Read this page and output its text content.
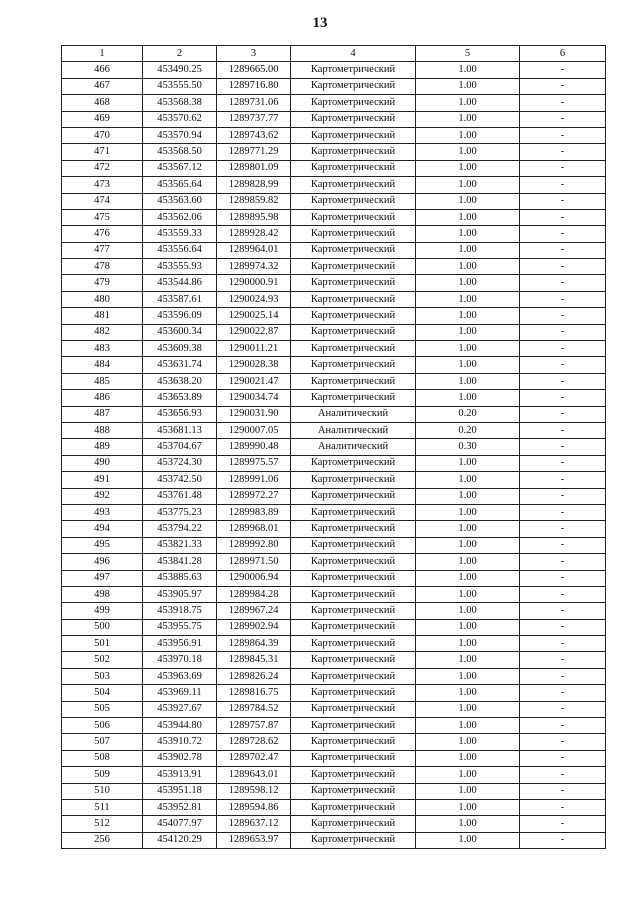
13
1	2	3	4	5	6
466	453490.25	1289665.00	Картометрический	1.00	-
467	453555.50	1289716.80	Картометрический	1.00	-
468	453568.38	1289731.06	Картометрический	1.00	-
469	453570.62	1289737.77	Картометрический	1.00	-
470	453570.94	1289743.62	Картометрический	1.00	-
471	453568.50	1289771.29	Картометрический	1.00	-
472	453567.12	1289801.09	Картометрический	1.00	-
473	453565.64	1289828.99	Картометрический	1.00	-
474	453563.60	1289859.82	Картометрический	1.00	-
475	453562.06	1289895.98	Картометрический	1.00	-
476	453559.33	1289928.42	Картометрический	1.00	-
477	453556.64	1289964.01	Картометрический	1.00	-
478	453555.93	1289974.32	Картометрический	1.00	-
479	453544.86	1290000.91	Картометрический	1.00	-
480	453587.61	1290024.93	Картометрический	1.00	-
481	453596.09	1290025.14	Картометрический	1.00	-
482	453600.34	1290022.87	Картометрический	1.00	-
483	453609.38	1290011.21	Картометрический	1.00	-
484	453631.74	1290028.38	Картометрический	1.00	-
485	453638.20	1290021.47	Картометрический	1.00	-
486	453653.89	1290034.74	Картометрический	1.00	-
487	453656.93	1290031.90	Аналитический	0.20	-
488	453681.13	1290007.05	Аналитический	0.20	-
489	453704.67	1289990.48	Аналитический	0.30	-
490	453724.30	1289975.57	Картометрический	1.00	-
491	453742.50	1289991.06	Картометрический	1.00	-
492	453761.48	1289972.27	Картометрический	1.00	-
493	453775.23	1289983.89	Картометрический	1.00	-
494	453794.22	1289968.01	Картометрический	1.00	-
495	453821.33	1289992.80	Картометрический	1.00	-
496	453841.28	1289971.50	Картометрический	1.00	-
497	453885.63	1290006.94	Картометрический	1.00	-
498	453905.97	1289984.28	Картометрический	1.00	-
499	453918.75	1289967.24	Картометрический	1.00	-
500	453955.75	1289902.94	Картометрический	1.00	-
501	453956.91	1289864.39	Картометрический	1.00	-
502	453970.18	1289845.31	Картометрический	1.00	-
503	453963.69	1289826.24	Картометрический	1.00	-
504	453969.11	1289816.75	Картометрический	1.00	-
505	453927.67	1289784.52	Картометрический	1.00	-
506	453944.80	1289757.87	Картометрический	1.00	-
507	453910.72	1289728.62	Картометрический	1.00	-
508	453902.78	1289702.47	Картометрический	1.00	-
509	453913.91	1289643.01	Картометрический	1.00	-
510	453951.18	1289598.12	Картометрический	1.00	-
511	453952.81	1289594.86	Картометрический	1.00	-
512	454077.97	1289637.12	Картометрический	1.00	-
256	454120.29	1289653.97	Картометрический	1.00	-
